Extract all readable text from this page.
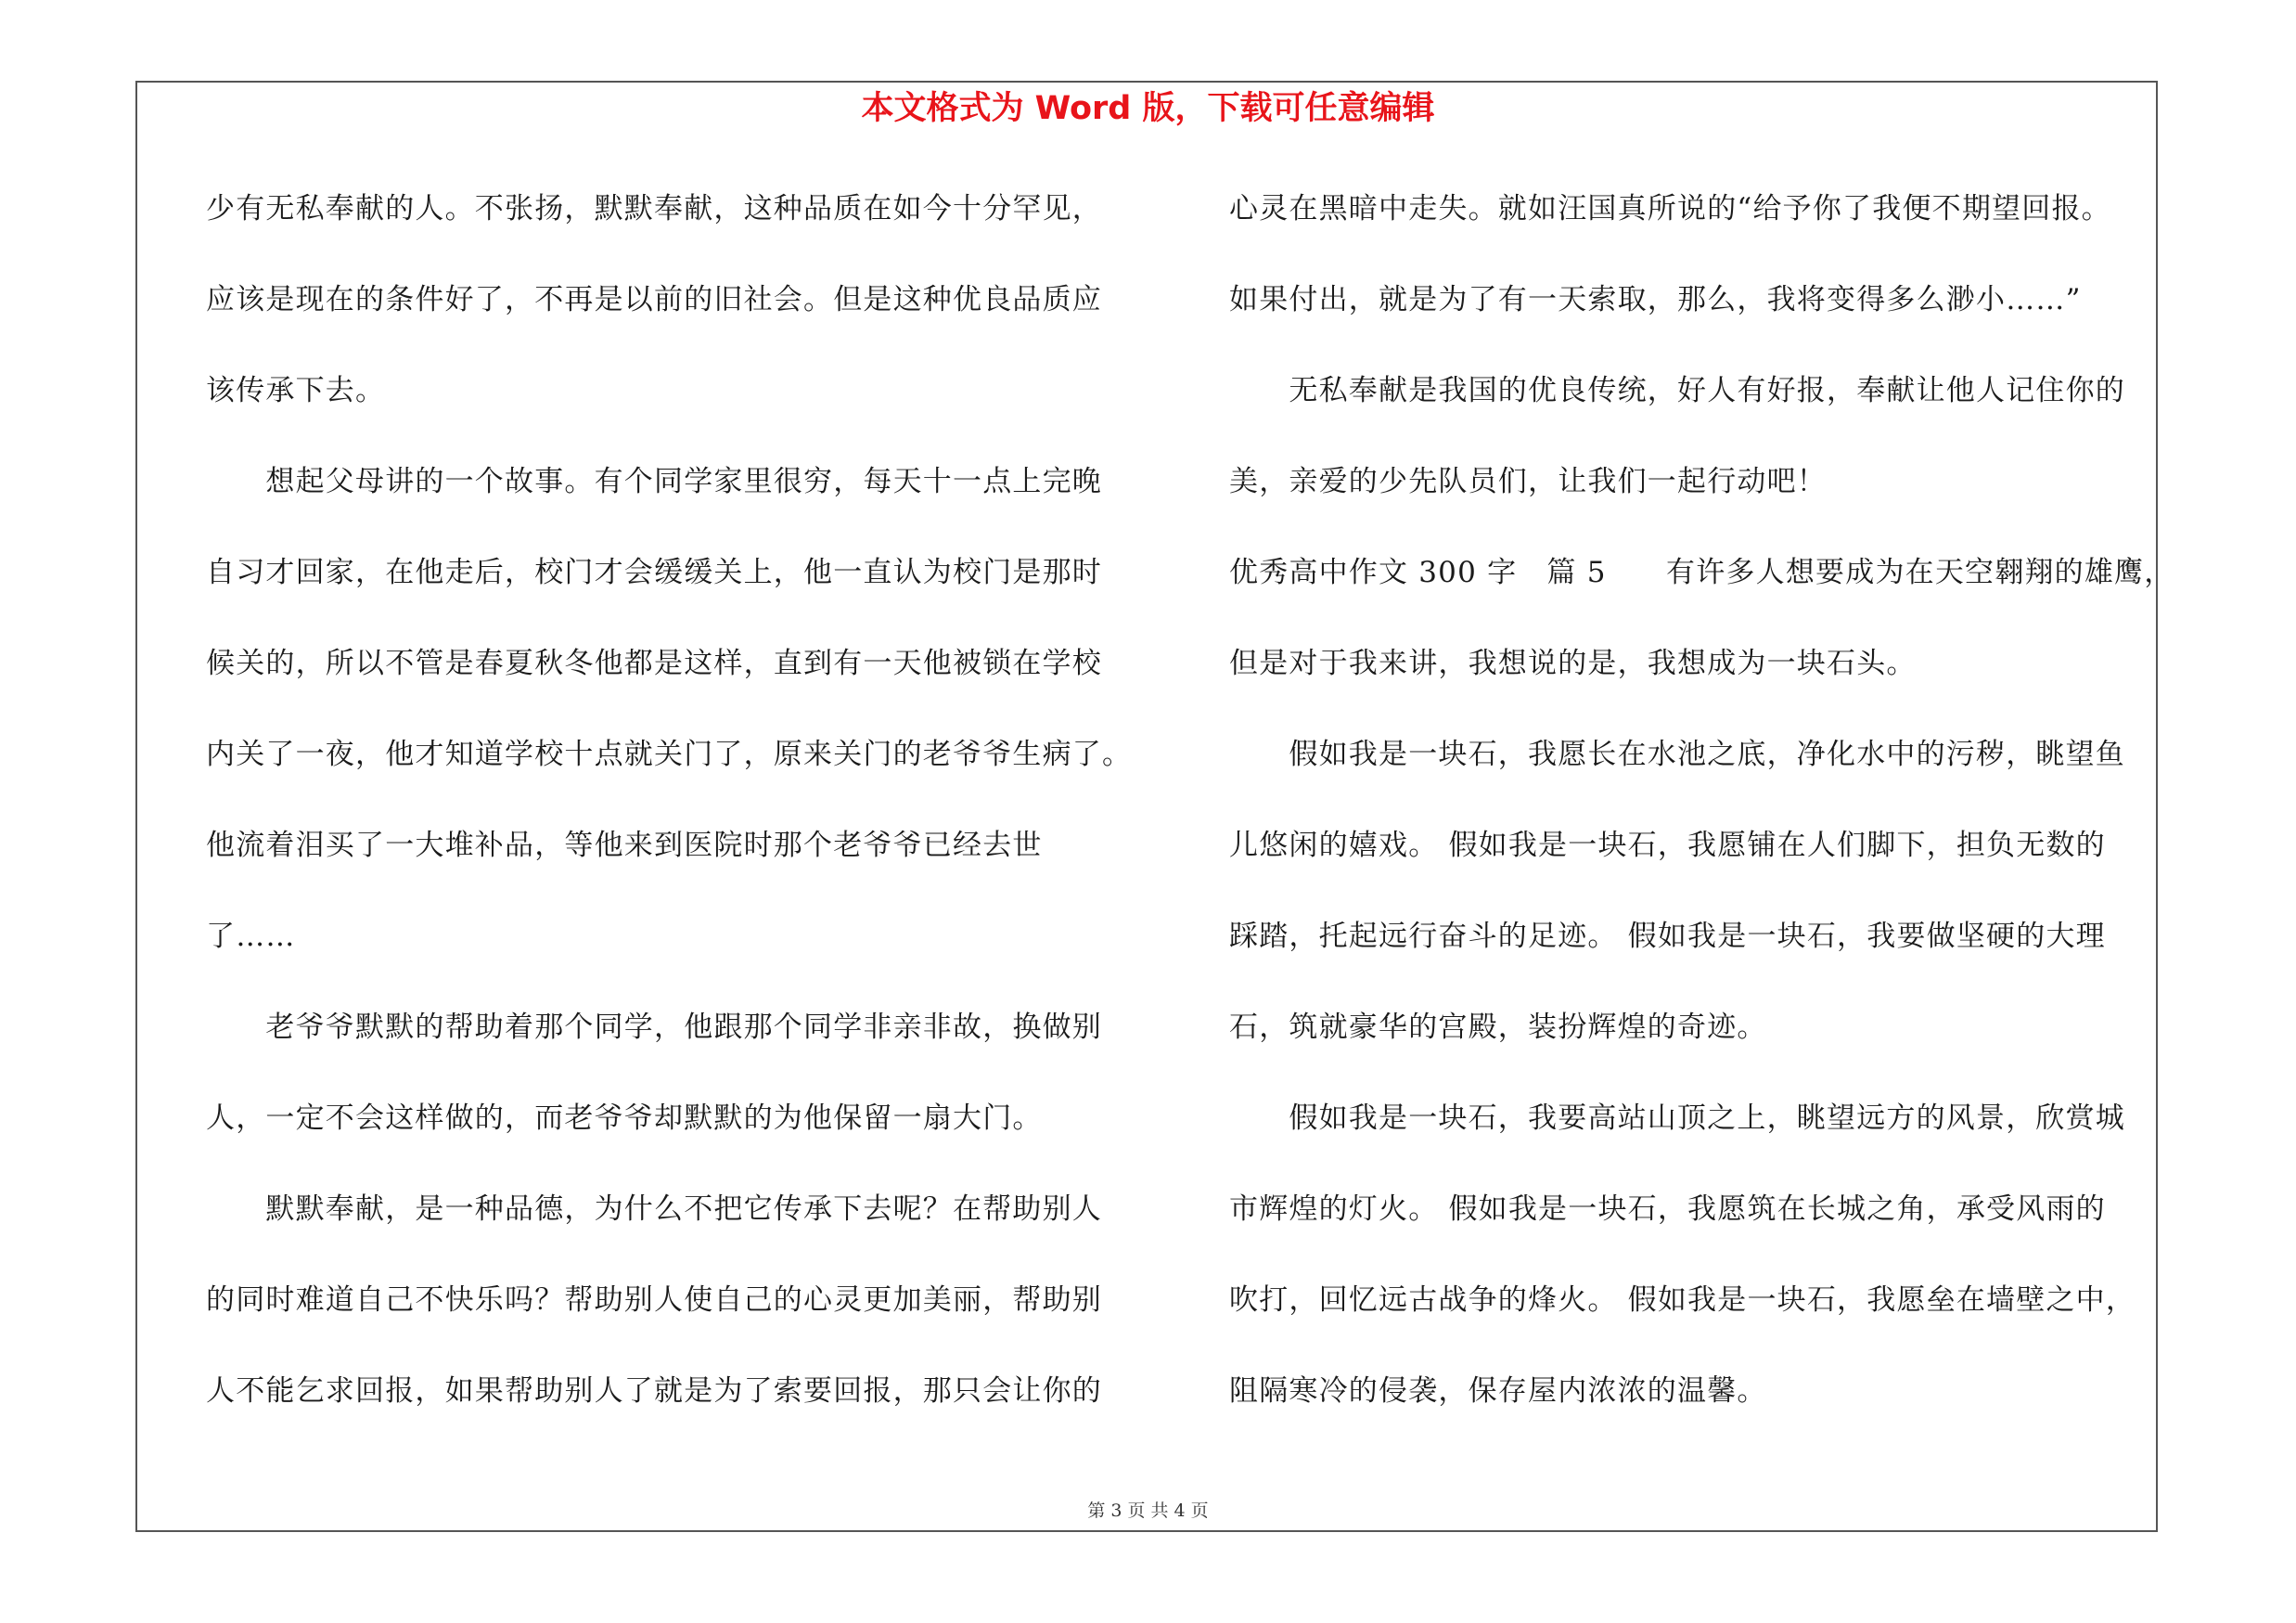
本文格式为 Word 版，下载可任意编辑
少有无私奉献的人。不张扬，默默奉献，这种品质在如今十分罕见，
应该是现在的条件好了，不再是以前的旧社会。但是这种优良品质应
该传承下去。
　　想起父母讲的一个故事。有个同学家里很穷，每天十一点上完晚
自习才回家，在他走后，校门才会缓缓关上，他一直认为校门是那时
候关的，所以不管是春夏秋冬他都是这样，直到有一天他被锁在学校
内关了一夜，他才知道学校十点就关门了，原来关门的老爷爷生病了。
他流着泪买了一大堆补品，等他来到医院时那个老爷爷已经去世
了……
　　老爷爷默默的帮助着那个同学，他跟那个同学非亲非故，换做别
人，一定不会这样做的，而老爷爷却默默的为他保留一扇大门。
　　默默奉献，是一种品德，为什么不把它传承下去呢？在帮助别人
的同时难道自己不快乐吗？帮助别人使自己的心灵更加美丽，帮助别
人不能乞求回报，如果帮助别人了就是为了索要回报，那只会让你的
心灵在黑暗中走失。就如汪国真所说的“给予你了我便不期望回报。
如果付出，就是为了有一天索取，那么，我将变得多么渺小……”
　　无私奉献是我国的优良传统，好人有好报，奉献让他人记住你的
美，亲爱的少先队员们，让我们一起行动吧！
优秀高中作文 300 字　篇 5　　有许多人想要成为在天空翱翔的雄鹰，
但是对于我来讲，我想说的是，我想成为一块石头。
　　假如我是一块石，我愿长在水池之底，净化水中的污秽，眺望鱼
儿悠闲的嬉戏。 假如我是一块石，我愿铺在人们脚下，担负无数的
踩踏，托起远行奋斗的足迹。 假如我是一块石，我要做坚硬的大理
石，筑就豪华的宫殿，装扮辉煌的奇迹。
　　假如我是一块石，我要高站山顶之上，眺望远方的风景，欣赏城
市辉煌的灯火。 假如我是一块石，我愿筑在长城之角，承受风雨的
吹打，回忆远古战争的烽火。 假如我是一块石，我愿垒在墙壁之中，
阻隔寒冷的侵袭，保存屋内浓浓的温馨。
第 3 页 共 4 页
